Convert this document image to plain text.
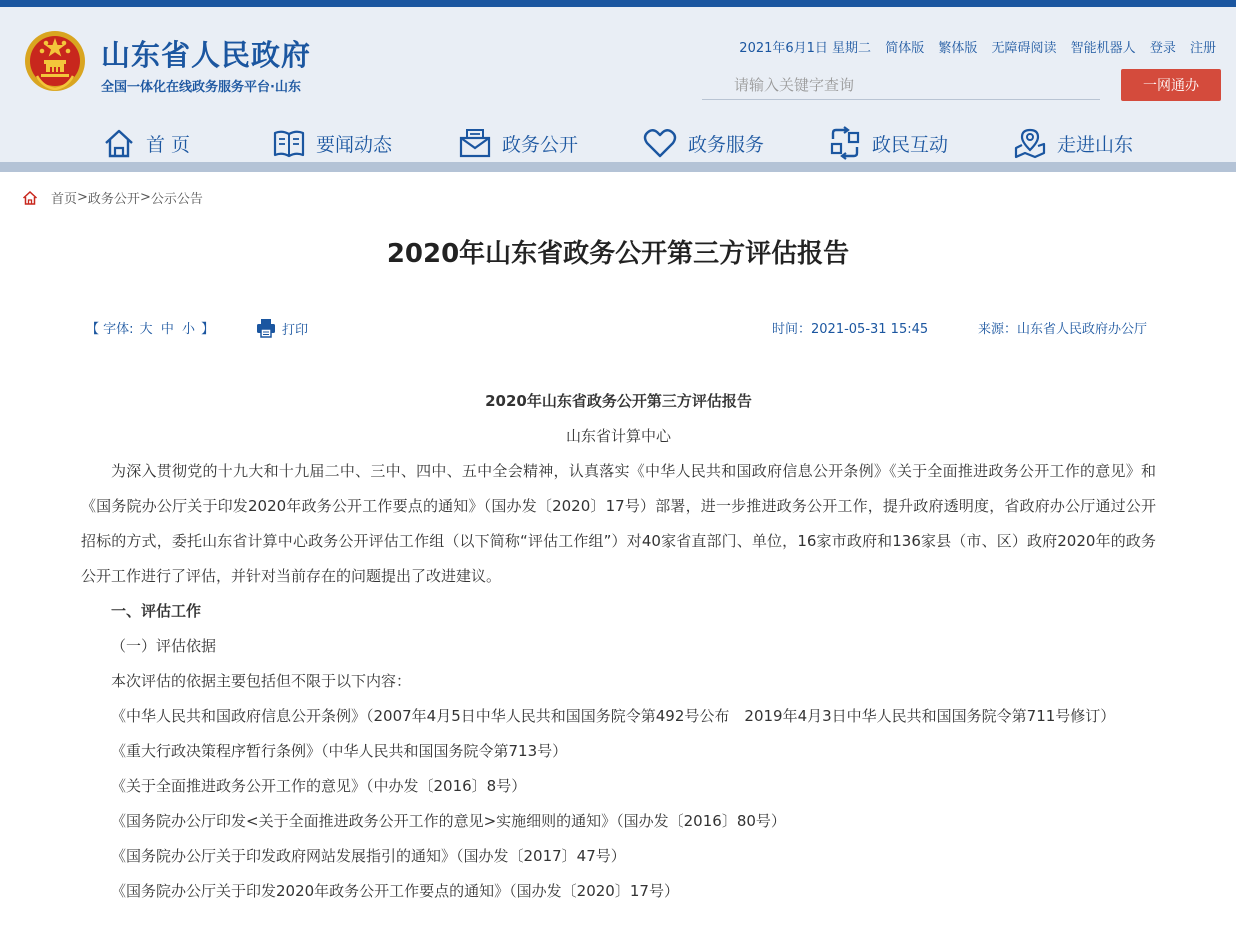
山东省人民政府
全国一体化在线政务服务平台·山东
2021年6月1日 星期二 简体版 繁体版 无障碍阅读 智能机器人 登录 注册
请输入关键字查询
一网通办
首 页	要闻动态	政务公开	政务服务	政民互动	走进山东
首页 > 政务公开 > 公示公告
2020年山东省政务公开第三方评估报告
【 字体: 大 中 小 】	打印	时间：2021-05-31 15:45	来源：山东省人民政府办公厅

2020年山东省政务公开第三方评估报告

山东省计算中心

为深入贯彻党的十九大和十九届二中、三中、四中、五中全会精神，认真落实《中华人民共和国政府信息公开条例》《关于全面推进政务公开工作的意见》和《国务院办公厅关于印发2020年政务公开工作要点的通知》（国办发〔2020〕17号）部署，进一步推进政务公开工作，提升政府透明度，省政府办公厅通过公开招标的方式，委托山东省计算中心政务公开评估工作组（以下简称“评估工作组”）对40家省直部门、单位，16家市政府和136家县（市、区）政府2020年的政务公开工作进行了评估，并针对当前存在的问题提出了改进建议。

一、评估工作

（一）评估依据

本次评估的依据主要包括但不限于以下内容：

《中华人民共和国政府信息公开条例》（2007年4月5日中华人民共和国国务院令第492号公布　2019年4月3日中华人民共和国国务院令第711号修订）

《重大行政决策程序暂行条例》（中华人民共和国国务院令第713号）

《关于全面推进政务公开工作的意见》（中办发〔2016〕8号）

《国务院办公厅印发<关于全面推进政务公开工作的意见>实施细则的通知》（国办发〔2016〕80号）

《国务院办公厅关于印发政府网站发展指引的通知》（国办发〔2017〕47号）

《国务院办公厅关于印发2020年政务公开工作要点的通知》（国办发〔2020〕17号）
